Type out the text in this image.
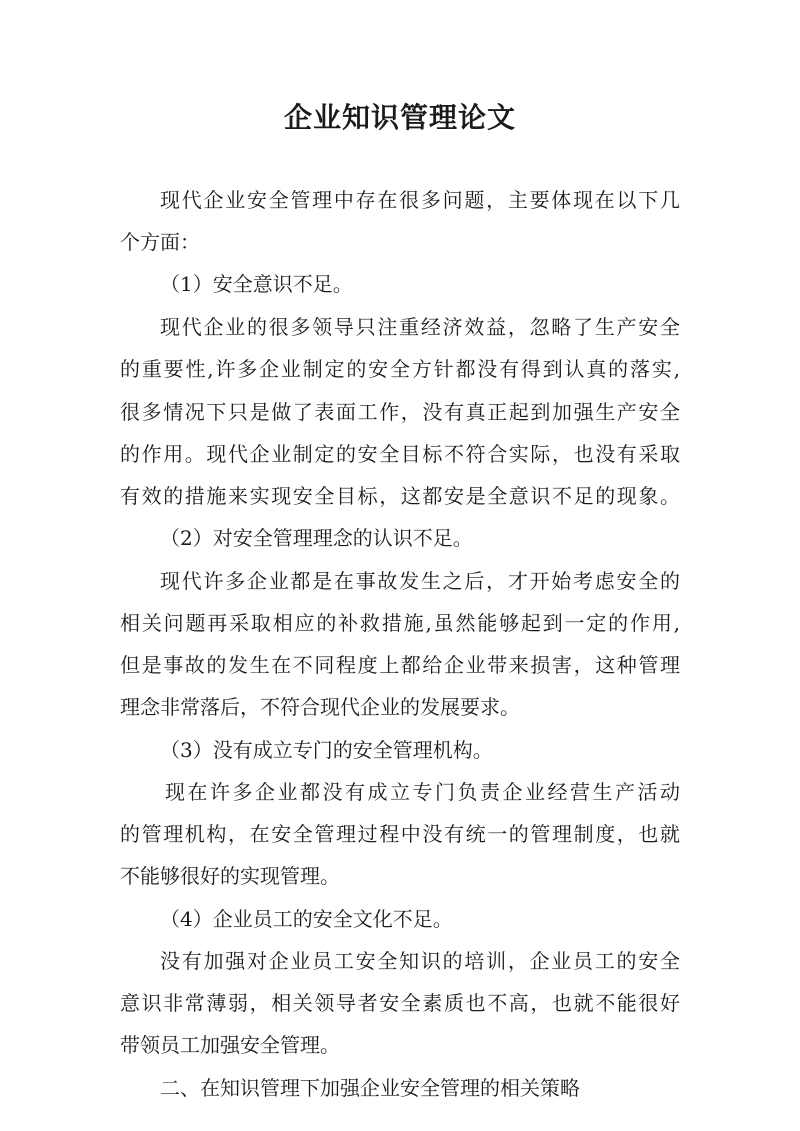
企业知识管理论文
现代企业安全管理中存在很多问题，主要体现在以下几
个方面：
（1）安全意识不足。
现代企业的很多领导只注重经济效益，忽略了生产安全
的重要性,许多企业制定的安全方针都没有得到认真的落实,
很多情况下只是做了表面工作，没有真正起到加强生产安全
的作用。现代企业制定的安全目标不符合实际，也没有采取
有效的措施来实现安全目标，这都安是全意识不足的现象。
（2）对安全管理理念的认识不足。
现代许多企业都是在事故发生之后，才开始考虑安全的
相关问题再采取相应的补救措施,虽然能够起到一定的作用,
但是事故的发生在不同程度上都给企业带来损害，这种管理
理念非常落后，不符合现代企业的发展要求。
（3）没有成立专门的安全管理机构。
现在许多企业都没有成立专门负责企业经营生产活动
的管理机构，在安全管理过程中没有统一的管理制度，也就
不能够很好的实现管理。
（4）企业员工的安全文化不足。
没有加强对企业员工安全知识的培训，企业员工的安全
意识非常薄弱，相关领导者安全素质也不高，也就不能很好
带领员工加强安全管理。
二、在知识管理下加强企业安全管理的相关策略
